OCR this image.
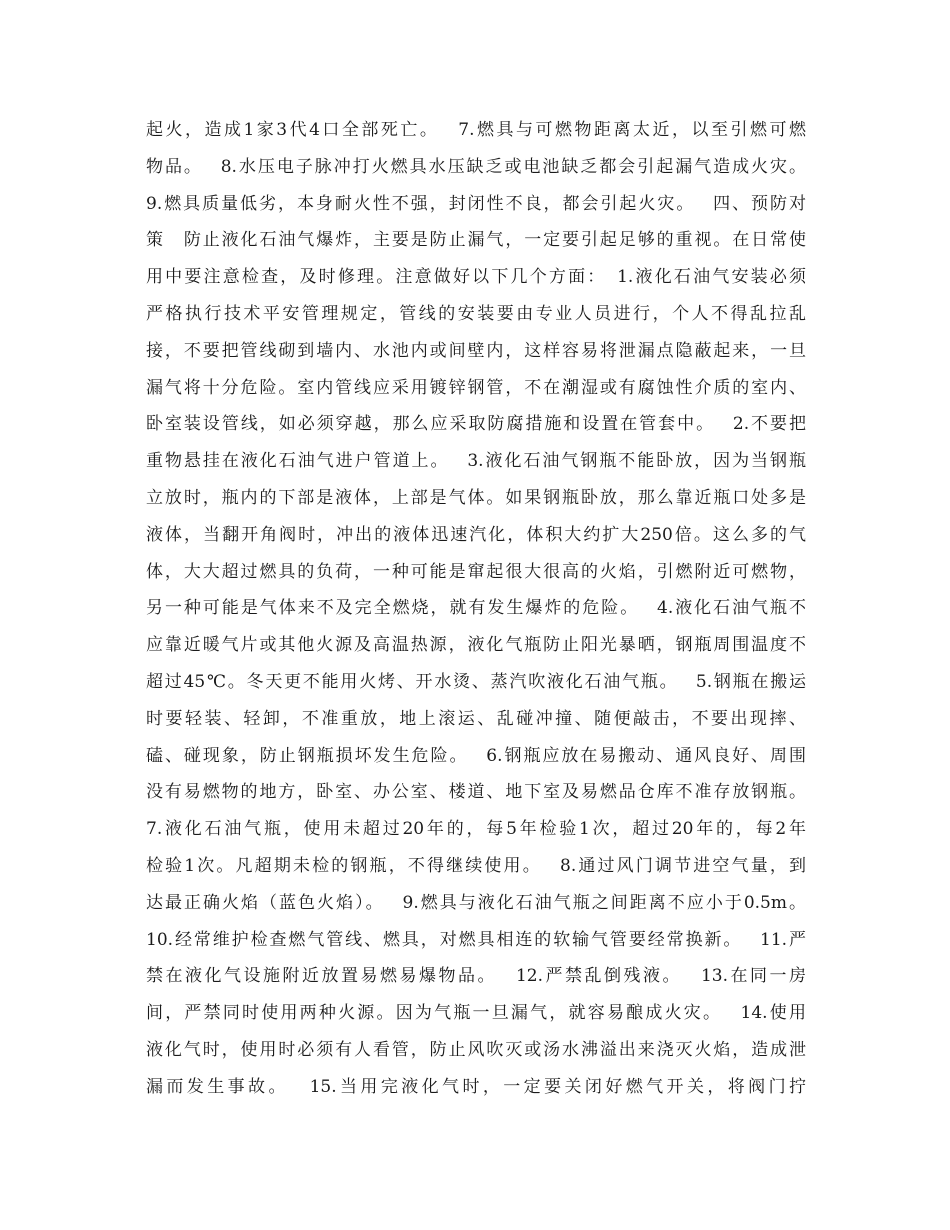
起火，造成1家3代4口全部死亡。　 7.燃具与可燃物距离太近，以至引燃可燃
物品。　 8.水压电子脉冲打火燃具水压缺乏或电池缺乏都会引起漏气造成火灾。
9.燃具质量低劣，本身耐火性不强，封闭性不良，都会引起火灾。　 四、预防对
策　防止液化石油气爆炸，主要是防止漏气，一定要引起足够的重视。在日常使
用中要注意检查，及时修理。注意做好以下几个方面：　1.液化石油气安装必须
严格执行技术平安管理规定，管线的安装要由专业人员进行，个人不得乱拉乱
接，不要把管线砌到墙内、水池内或间壁内，这样容易将泄漏点隐蔽起来，一旦
漏气将十分危险。室内管线应采用镀锌钢管，不在潮湿或有腐蚀性介质的室内、
卧室装设管线，如必须穿越，那么应采取防腐措施和设置在管套中。　 2.不要把
重物悬挂在液化石油气进户管道上。　 3.液化石油气钢瓶不能卧放，因为当钢瓶
立放时，瓶内的下部是液体，上部是气体。如果钢瓶卧放，那么靠近瓶口处多是
液体，当翻开角阀时，冲出的液体迅速汽化，体积大约扩大250倍。这么多的气
体，大大超过燃具的负荷，一种可能是窜起很大很高的火焰，引燃附近可燃物，
另一种可能是气体来不及完全燃烧，就有发生爆炸的危险。　 4.液化石油气瓶不
应靠近暖气片或其他火源及高温热源，液化气瓶防止阳光暴晒，钢瓶周围温度不
超过45℃。冬天更不能用火烤、开水烫、蒸汽吹液化石油气瓶。　 5.钢瓶在搬运
时要轻装、轻卸，不准重放，地上滚运、乱碰冲撞、随便敲击，不要出现摔、
磕、碰现象，防止钢瓶损坏发生危险。　 6.钢瓶应放在易搬动、通风良好、周围
没有易燃物的地方，卧室、办公室、楼道、地下室及易燃品仓库不准存放钢瓶。
7.液化石油气瓶，使用未超过20年的，每5年检验1次，超过20年的，每2年
检验1次。凡超期未检的钢瓶，不得继续使用。　 8.通过风门调节进空气量，到
达最正确火焰（蓝色火焰）。　 9.燃具与液化石油气瓶之间距离不应小于0.5m。
10.经常维护检查燃气管线、燃具，对燃具相连的软输气管要经常换新。　 11.严
禁在液化气设施附近放置易燃易爆物品。　 12.严禁乱倒残液。　 13.在同一房
间，严禁同时使用两种火源。因为气瓶一旦漏气，就容易酿成火灾。　 14.使用
液化气时，使用时必须有人看管，防止风吹灭或汤水沸溢出来浇灭火焰，造成泄
漏而发生事故。　 15.当用完液化气时，一定要关闭好燃气开关，将阀门拧
